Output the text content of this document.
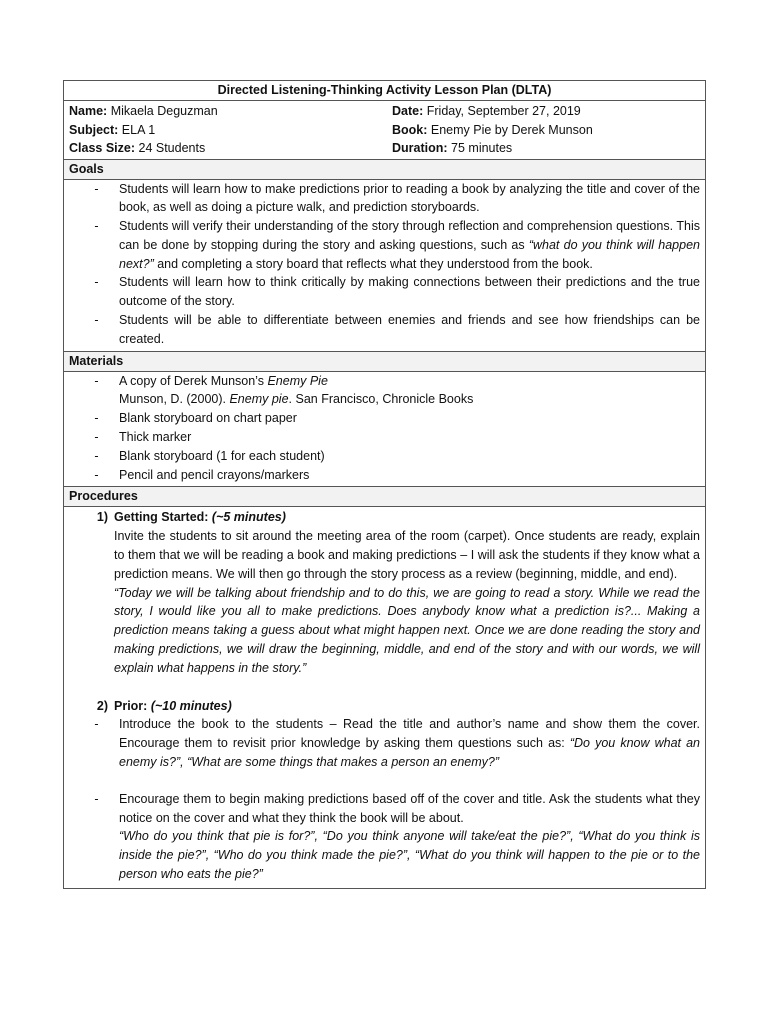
Directed Listening-Thinking Activity Lesson Plan (DLTA)
Name: Mikaela Deguzman	Date: Friday, September 27, 2019
Subject: ELA 1	Book: Enemy Pie by Derek Munson
Class Size: 24 Students	Duration: 75 minutes
Goals
-	Students will learn how to make predictions prior to reading a book by analyzing the title and cover of the book, as well as doing a picture walk, and prediction storyboards.
-	Students will verify their understanding of the story through reflection and comprehension questions. This can be done by stopping during the story and asking questions, such as “what do you think will happen next?” and completing a story board that reflects what they understood from the book.
-	Students will learn how to think critically by making connections between their predictions and the true outcome of the story.
-	Students will be able to differentiate between enemies and friends and see how friendships can be created.
Materials
-	A copy of Derek Munson’s Enemy Pie
Munson, D. (2000). Enemy pie. San Francisco, Chronicle Books
-	Blank storyboard on chart paper
-	Thick marker
-	Blank storyboard (1 for each student)
-	Pencil and pencil crayons/markers
Procedures
1) Getting Started: (~5 minutes)
Invite the students to sit around the meeting area of the room (carpet). Once students are ready, explain to them that we will be reading a book and making predictions – I will ask the students if they know what a prediction means. We will then go through the story process as a review (beginning, middle, and end).
“Today we will be talking about friendship and to do this, we are going to read a story. While we read the story, I would like you all to make predictions. Does anybody know what a prediction is?... Making a prediction means taking a guess about what might happen next. Once we are done reading the story and making predictions, we will draw the beginning, middle, and end of the story and with our words, we will explain what happens in the story.”
2) Prior: (~10 minutes)
-	Introduce the book to the students – Read the title and author’s name and show them the cover. Encourage them to revisit prior knowledge by asking them questions such as: “Do you know what an enemy is?”, “What are some things that makes a person an enemy?”
-	Encourage them to begin making predictions based off of the cover and title. Ask the students what they notice on the cover and what they think the book will be about.
“Who do you think that pie is for?”, “Do you think anyone will take/eat the pie?”, “What do you think is inside the pie?”, “Who do you think made the pie?”, “What do you think will happen to the pie or to the person who eats the pie?”
